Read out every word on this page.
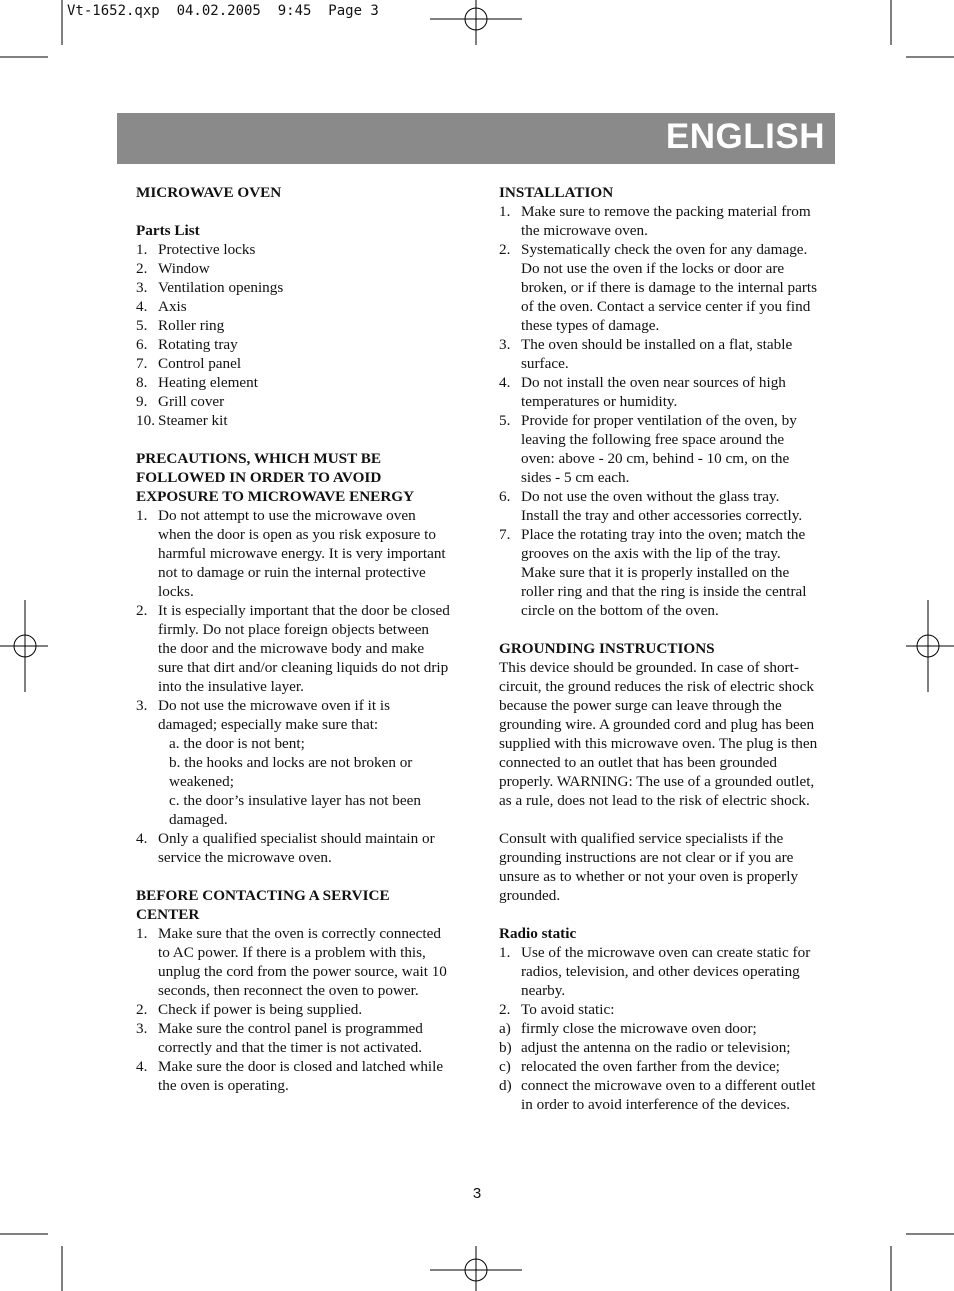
Vt-1652.qxp  04.02.2005  9:45  Page 3
ENGLISH
MICROWAVE OVEN
Parts List
1. Protective locks
2. Window
3. Ventilation openings
4. Axis
5. Roller ring
6. Rotating tray
7. Control panel
8. Heating element
9. Grill cover
10. Steamer kit
PRECAUTIONS, WHICH MUST BE FOLLOWED IN ORDER TO AVOID EXPOSURE TO MICROWAVE ENERGY
1. Do not attempt to use the microwave oven when the door is open as you risk exposure to harmful microwave energy. It is very important not to damage or ruin the internal protective locks.
2. It is especially important that the door be closed firmly. Do not place foreign objects between the door and the microwave body and make sure that dirt and/or cleaning liquids do not drip into the insulative layer.
3. Do not use the microwave oven if it is damaged; especially make sure that:
a. the door is not bent;
b. the hooks and locks are not broken or weakened;
c. the door’s insulative layer has not been damaged.
4. Only a qualified specialist should maintain or service the microwave oven.
BEFORE CONTACTING A SERVICE CENTER
1. Make sure that the oven is correctly connected to AC power. If there is a problem with this, unplug the cord from the power source, wait 10 seconds, then reconnect the oven to power.
2. Check if power is being supplied.
3. Make sure the control panel is programmed correctly and that the timer is not activated.
4. Make sure the door is closed and latched while the oven is operating.
INSTALLATION
1. Make sure to remove the packing material from the microwave oven.
2. Systematically check the oven for any damage. Do not use the oven if the locks or door are broken, or if there is damage to the internal parts of the oven. Contact a service center if you find these types of damage.
3. The oven should be installed on a flat, stable surface.
4. Do not install the oven near sources of high temperatures or humidity.
5. Provide for proper ventilation of the oven, by leaving the following free space around the oven: above - 20 cm, behind - 10 cm, on the sides - 5 cm each.
6. Do not use the oven without the glass tray. Install the tray and other accessories correctly.
7. Place the rotating tray into the oven; match the grooves on the axis with the lip of the tray. Make sure that it is properly installed on the roller ring and that the ring is inside the central circle on the bottom of the oven.
GROUNDING INSTRUCTIONS
This device should be grounded. In case of short-circuit, the ground reduces the risk of electric shock because the power surge can leave through the grounding wire. A grounded cord and plug has been supplied with this microwave oven. The plug is then connected to an outlet that has been grounded properly. WARNING: The use of a grounded outlet, as a rule, does not lead to the risk of electric shock.
Consult with qualified service specialists if the grounding instructions are not clear or if you are unsure as to whether or not your oven is properly grounded.
Radio static
1. Use of the microwave oven can create static for radios, television, and other devices operating nearby.
2. To avoid static:
a) firmly close the microwave oven door;
b) adjust the antenna on the radio or television;
c) relocated the oven farther from the device;
d) connect the microwave oven to a different outlet in order to avoid interference of the devices.
3
